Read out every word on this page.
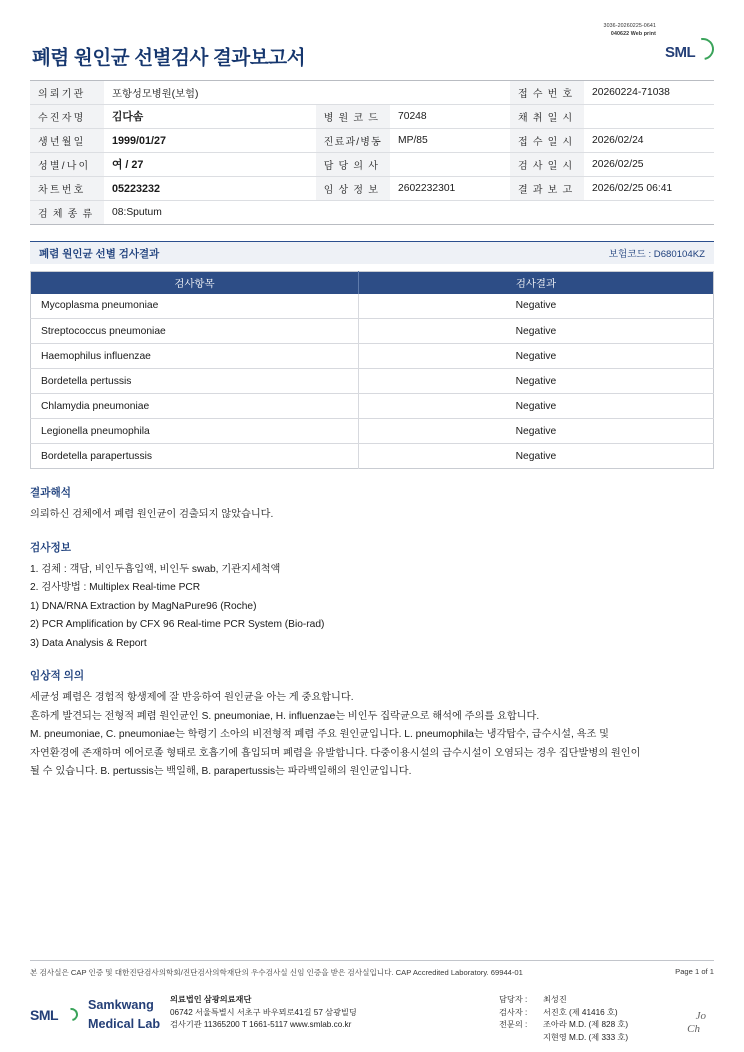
폐렴 원인균 선별검사 결과보고서
3036-20260225-0641
040622 Web print
SML
의뢰기관	포항성모병원(보험)			접 수 번 호	20260224-71038
수진자명	김다솜	병 원 코 드	70248	채 취 일 시	
생년월일	1999/01/27	진료과/병동	MP/85	접 수 일 시	2026/02/24
성별/나이	여 / 27	담 당 의 사		검 사 일 시	2026/02/25
차트번호	05223232	임 상 정 보	2602232301	결 과 보 고	2026/02/25 06:41
검 체 종 류	08:Sputum				
폐렴 원인균 선별 검사결과	보험코드 : D680104KZ
검사항목	검사결과
Mycoplasma pneumoniae	Negative
Streptococcus pneumoniae	Negative
Haemophilus influenzae	Negative
Bordetella pertussis	Negative
Chlamydia pneumoniae	Negative
Legionella pneumophila	Negative
Bordetella parapertussis	Negative
결과해석

의뢰하신 검체에서 폐렴 원인균이 검출되지 않았습니다.

검사정보

1. 검체 : 객담, 비인두흡입액, 비인두 swab, 기관지세척액

2. 검사방법 : Multiplex Real-time PCR

1) DNA/RNA Extraction by MagNaPure96 (Roche)

2) PCR Amplification by CFX 96 Real-time PCR System (Bio-rad)

3) Data Analysis & Report

임상적 의의

세균성 폐렴은 경험적 항생제에 잘 반응하여 원인균을 아는 게 중요합니다.

흔하게 발견되는 전형적 폐렴 원인균인 S. pneumoniae, H. influenzae는 비인두 집락균으로 해석에 주의를 요합니다.

M. pneumoniae, C. pneumoniae는 학령기 소아의 비전형적 폐렴 주요 원인균입니다. L. pneumophila는 냉각탑수, 급수시설, 욕조 및

자연환경에 존재하며 에어로졸 형태로 호흡기에 흡입되며 폐렴을 유발합니다. 다중이용시설의 급수시설이 오염되는 경우 집단발병의 원인이

될 수 있습니다. B. pertussis는 백일해, B. parapertussis는 파라백일해의 원인균입니다.

본 검사실은 CAP 인증 및 대한진단검사의학회/진단검사의학재단의 우수검사실 신임 인증을 받은 검사실입니다. CAP Accredited Laboratory. 69944-01	Page 1 of 1
SML  Samkwang
Medical Lab
의료법인 삼광의료재단
06742 서울특별시 서초구 바우뫼로41길 57 삼광빌딩
검사기관 11365200 T 1661-5117 www.smlab.co.kr
담당자 : 최성진
검사자 : 서진호 (제 41416 호)
전문의 : 조아라 M.D. (제 828 호)
지현영 M.D. (제 333 호)
Jo
Ch
